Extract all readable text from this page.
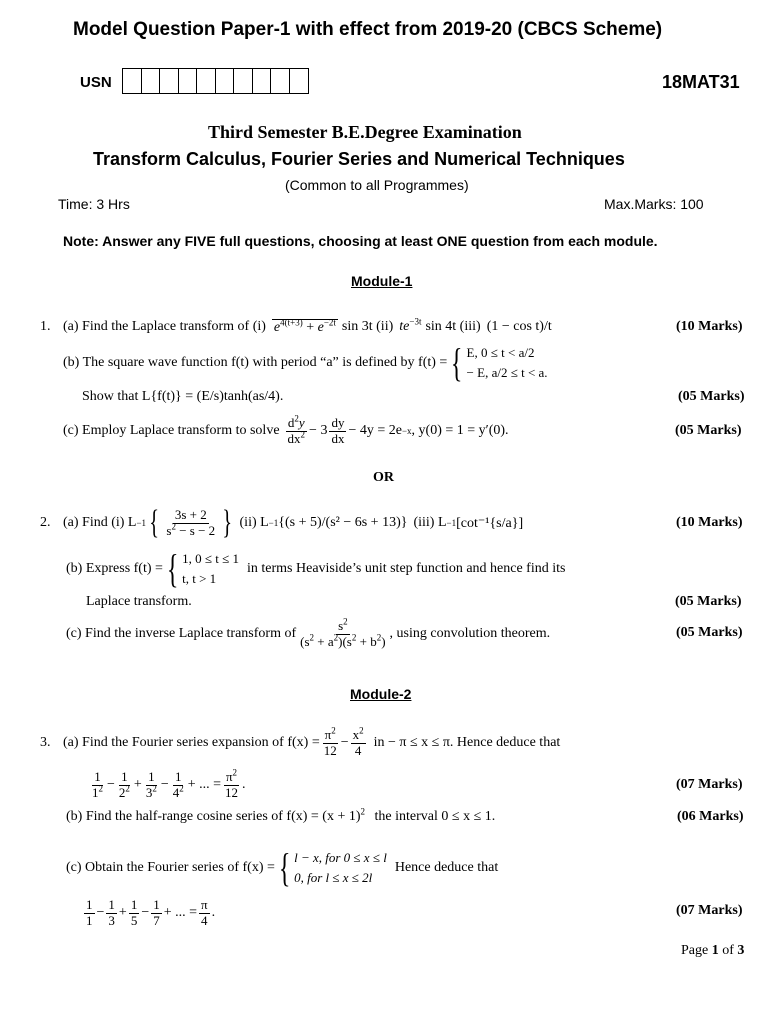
Model Question Paper-1 with effect from 2019-20 (CBCS Scheme)
USN	18MAT31
Third Semester B.E.Degree Examination
Transform Calculus, Fourier Series and Numerical Techniques
(Common to all Programmes)
Time: 3 Hrs	Max.Marks: 100
Note: Answer any FIVE full questions, choosing at least ONE question from each module.
Module-1
1. (a) Find the Laplace transform of (i) $e^{4(t+3)} + e^{-2t}$ sin 3t (ii) $te^{-3t}$ sin 4t (iii) (1 − cos t)/t	(10 Marks)
(b) The square wave function f(t) with period “a” is defined by f(t) = { E, 0 ≤ t < a/2
− E, a/2 ≤ t < a.
Show that L{f(t)} = (E/s)tanh(as/4).	(05 Marks)
(c) Employ Laplace transform to solve $\frac{d^2y}{dx^2} - 3 \frac{dy}{dx} - 4y = 2e -x$ , y(0) = 1 = y′(0).	(05 Marks)
OR
2. (a) Find (i) L −1 { $\frac{3s + 2}{s^2 - s - 2}$ } (ii) L −1 {(s + 5)/(s² − 6s + 13)} (iii) L −1 [cot⁻¹{s/a}]	(10 Marks)
(b) Express f(t) = { 1, 0 ≤ t ≤ 1
t, t > 1
in terms Heaviside’s unit step function and hence find its
Laplace transform.	(05 Marks)
(c) Find the inverse Laplace transform of $\frac{s^2}{(s^2 + a^2)(s^2 + b^2)}$ , using convolution theorem.	(05 Marks)
Module-2
3. (a) Find the Fourier series expansion of $f(x) = \frac{\pi^2}{12} - \frac{x^2}{4}$ in − π ≤ x ≤ π. Hence deduce that
$\frac{1}{1^2} - \frac{1}{2^2} + \frac{1}{3^2} - \frac{1}{4^2}$ + ... = $\frac{\pi^2}{12}$ .	(07 Marks)
(b) Find the half-range cosine series of $f(x) = (x + 1)^2$ the interval 0 ≤ x ≤ 1.	(06 Marks)
(c) Obtain the Fourier series of f(x) = { l − x, for 0 ≤ x ≤ l
0, for l ≤ x ≤ 2l
Hence deduce that
$\frac{1}{1} - \frac{1}{3} + \frac{1}{5} - \frac{1}{7}$ + ... = $\frac{\pi}{4}$ .	(07 Marks)
Page 1 of 3
